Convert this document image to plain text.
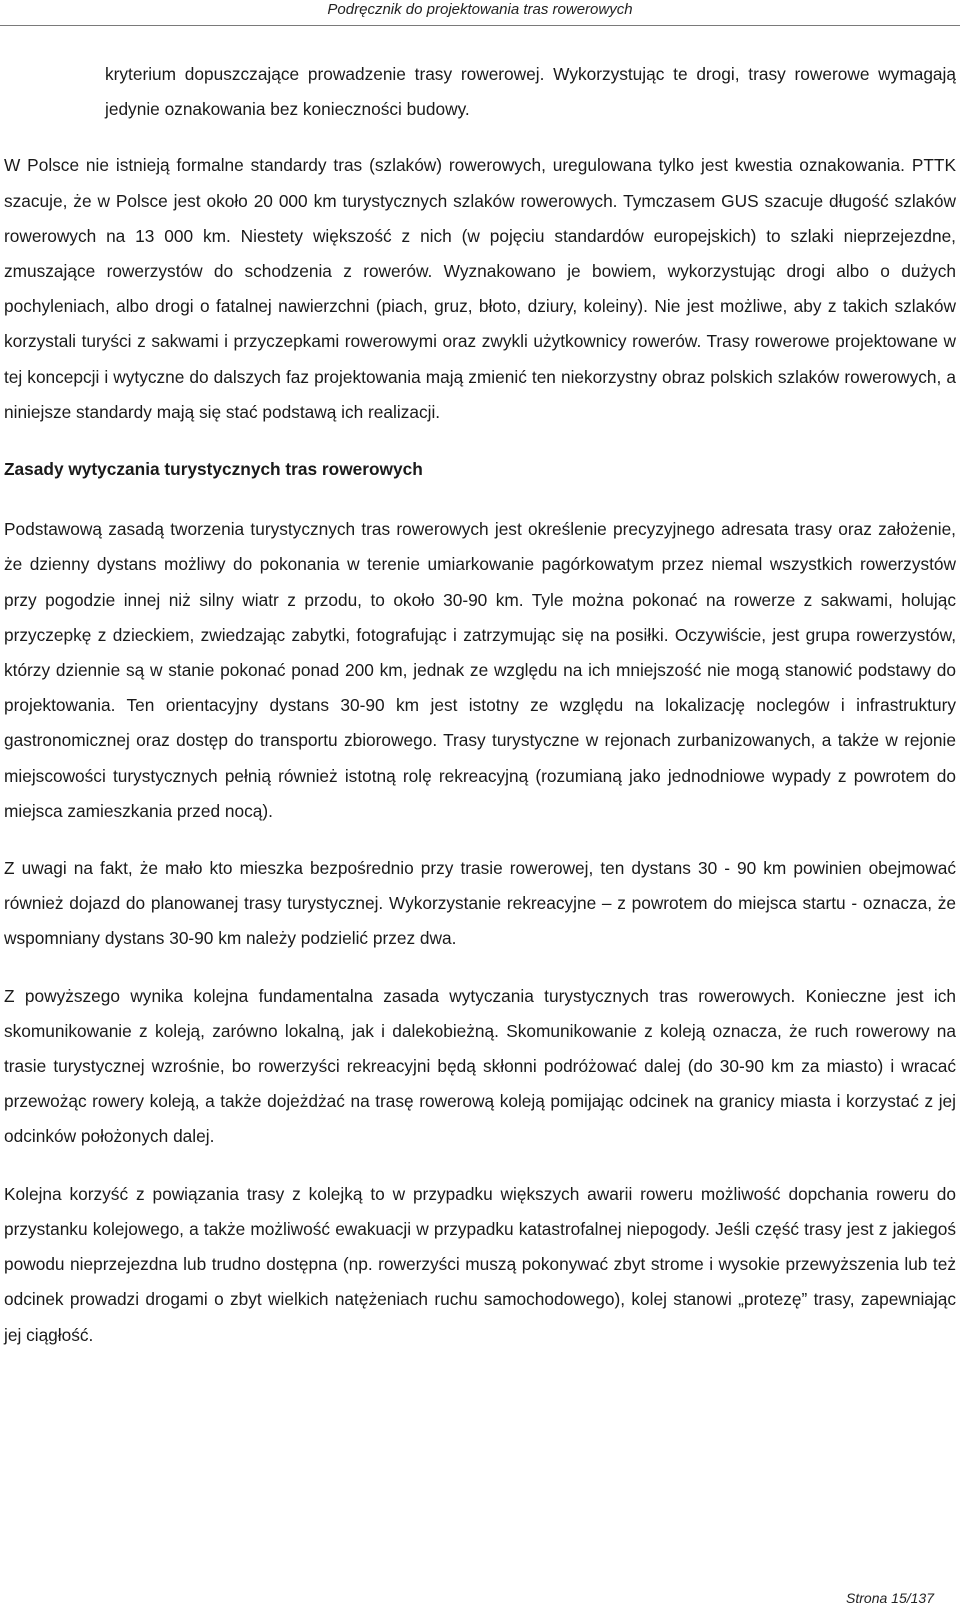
Podręcznik do projektowania tras rowerowych

kryterium dopuszczające prowadzenie trasy rowerowej. Wykorzystując te drogi, trasy rowerowe wymagają jedynie oznakowania bez konieczności budowy.

W Polsce nie istnieją formalne standardy tras (szlaków) rowerowych, uregulowana tylko jest kwestia oznakowania. PTTK szacuje, że w Polsce jest około 20 000 km turystycznych szlaków rowerowych. Tymczasem GUS szacuje długość szlaków rowerowych na 13 000 km. Niestety większość z nich (w pojęciu standardów europejskich) to szlaki nieprzejezdne, zmuszające rowerzystów do schodzenia z rowerów. Wyznakowano je bowiem, wykorzystując drogi albo o dużych pochyleniach, albo drogi o fatalnej nawierzchni (piach, gruz, błoto, dziury, koleiny). Nie jest możliwe, aby z takich szlaków korzystali turyści z sakwami i przyczepkami rowerowymi oraz zwykli użytkownicy rowerów. Trasy rowerowe projektowane w tej koncepcji i wytyczne do dalszych faz projektowania mają zmienić ten niekorzystny obraz polskich szlaków rowerowych, a niniejsze standardy mają się stać podstawą ich realizacji.

Zasady wytyczania turystycznych tras rowerowych

Podstawową zasadą tworzenia turystycznych tras rowerowych jest określenie precyzyjnego adresata trasy oraz założenie, że dzienny dystans możliwy do pokonania w terenie umiarkowanie pagórkowatym przez niemal wszystkich rowerzystów przy pogodzie innej niż silny wiatr z przodu, to około 30-90 km. Tyle można pokonać na rowerze z sakwami, holując przyczepkę z dzieckiem, zwiedzając zabytki, fotografując i zatrzymując się na posiłki. Oczywiście, jest grupa rowerzystów, którzy dziennie są w stanie pokonać ponad 200 km, jednak ze względu na ich mniejszość nie mogą stanowić podstawy do projektowania. Ten orientacyjny dystans 30-90 km jest istotny ze względu na lokalizację noclegów i infrastruktury gastronomicznej oraz dostęp do transportu zbiorowego. Trasy turystyczne w rejonach zurbanizowanych, a także w rejonie miejscowości turystycznych pełnią również istotną rolę rekreacyjną (rozumianą jako jednodniowe wypady z powrotem do miejsca zamieszkania przed nocą).

Z uwagi na fakt, że mało kto mieszka bezpośrednio przy trasie rowerowej, ten dystans 30 - 90 km powinien obejmować również dojazd do planowanej trasy turystycznej. Wykorzystanie rekreacyjne – z powrotem do miejsca startu - oznacza, że wspomniany dystans 30-90 km należy podzielić przez dwa.

Z powyższego wynika kolejna fundamentalna zasada wytyczania turystycznych tras rowerowych. Konieczne jest ich skomunikowanie z koleją, zarówno lokalną, jak i dalekobieżną. Skomunikowanie z koleją oznacza, że ruch rowerowy na trasie turystycznej wzrośnie, bo rowerzyści rekreacyjni będą skłonni podróżować dalej (do 30-90 km za miasto) i wracać przewożąc rowery koleją, a także dojeżdżać na trasę rowerową koleją pomijając odcinek na granicy miasta i korzystać z jej odcinków położonych dalej.

Kolejna korzyść z powiązania trasy z kolejką to w przypadku większych awarii roweru możliwość dopchania roweru do przystanku kolejowego, a także możliwość ewakuacji w przypadku katastrofalnej niepogody. Jeśli część trasy jest z jakiegoś powodu nieprzejezdna lub trudno dostępna (np. rowerzyści muszą pokonywać zbyt strome i wysokie przewyższenia lub też odcinek prowadzi drogami o zbyt wielkich natężeniach ruchu samochodowego), kolej stanowi „protezę” trasy, zapewniając jej ciągłość.

Strona 15/137
